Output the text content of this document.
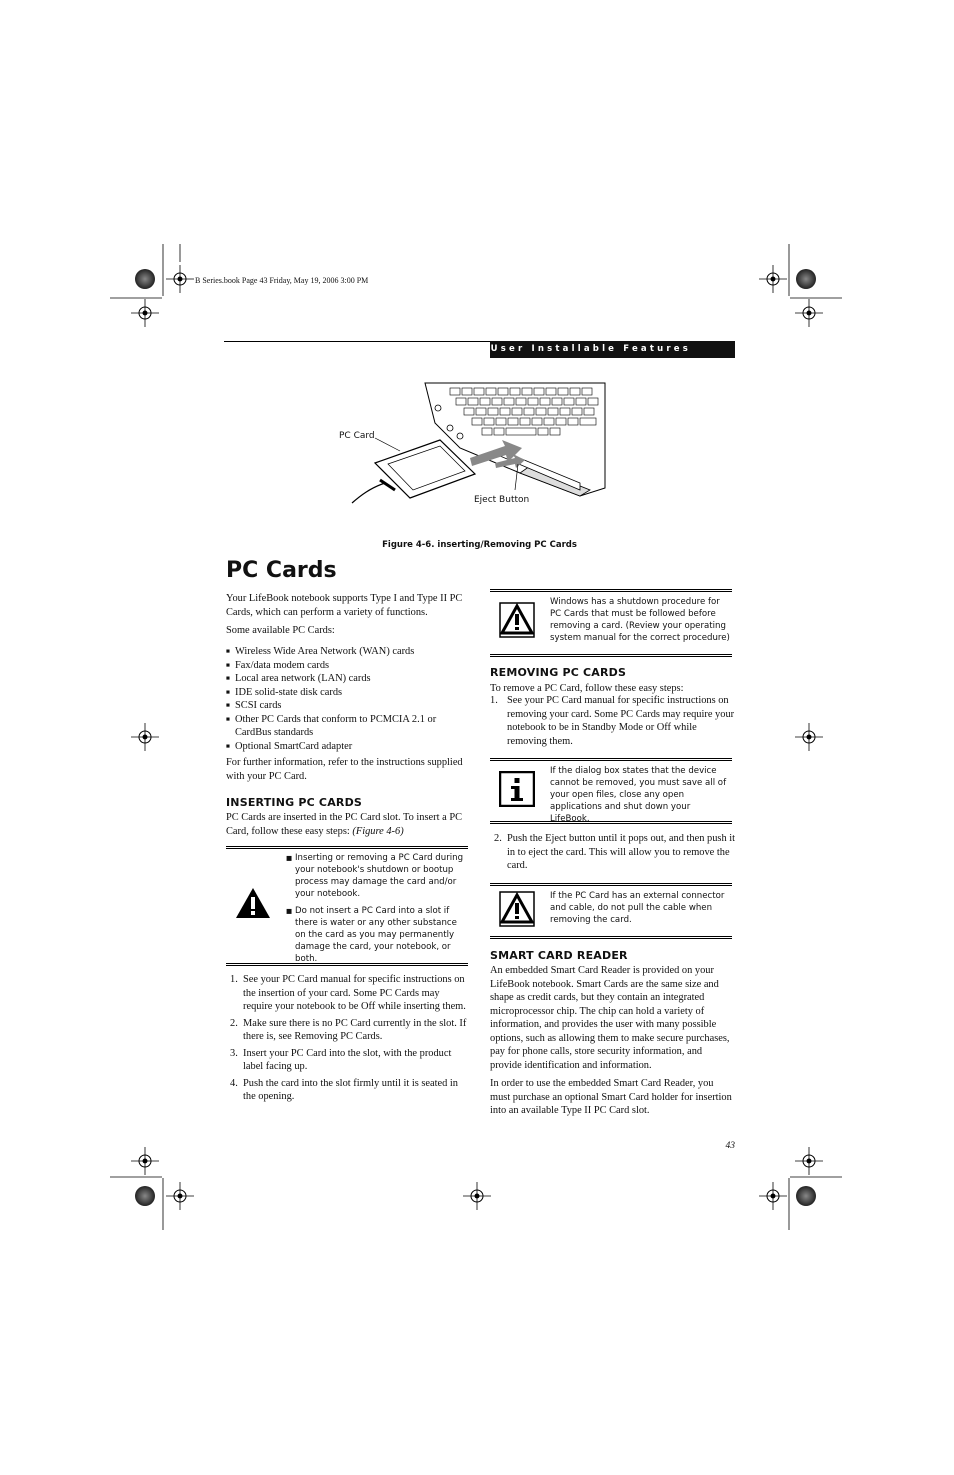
B Series.book Page 43 Friday, May 19, 2006 3:00 PM
User Installable Features
PC Card
Eject Button
Figure 4-6. inserting/Removing PC Cards
PC Cards
Your LifeBook notebook supports Type I and Type II PC Cards, which can perform a variety of functions.
Some available PC Cards:
■ Wireless Wide Area Network (WAN) cards
■ Fax/data modem cards
■ Local area network (LAN) cards
■ IDE solid-state disk cards
■ SCSI cards
■ Other PC Cards that conform to PCMCIA 2.1 or CardBus standards
■ Optional SmartCard adapter
For further information, refer to the instructions supplied with your PC Card.
INSERTING PC CARDS
PC Cards are inserted in the PC Card slot. To insert a PC Card, follow these easy steps: (Figure 4-6)
■ Inserting or removing a PC Card during your notebook's shutdown or bootup process may damage the card and/or your notebook.
■ Do not insert a PC Card into a slot if there is water or any other substance on the card as you may permanently damage the card, your notebook, or both.
1. See your PC Card manual for specific instructions on the insertion of your card. Some PC Cards may require your notebook to be Off while inserting them.
2. Make sure there is no PC Card currently in the slot. If there is, see Removing PC Cards.
3. Insert your PC Card into the slot, with the product label facing up.
4. Push the card into the slot firmly until it is seated in the opening.
Windows has a shutdown procedure for PC Cards that must be followed before removing a card. (Review your operating system manual for the correct procedure)
REMOVING PC CARDS
To remove a PC Card, follow these easy steps:
1. See your PC Card manual for specific instructions on removing your card. Some PC Cards may require your notebook to be in Standby Mode or Off while removing them.
If the dialog box states that the device cannot be removed, you must save all of your open files, close any open applications and shut down your LifeBook.
2. Push the Eject button until it pops out, and then push it in to eject the card. This will allow you to remove the card.
If the PC Card has an external connector and cable, do not pull the cable when removing the card.
SMART CARD READER
An embedded Smart Card Reader is provided on your LifeBook notebook. Smart Cards are the same size and shape as credit cards, but they contain an integrated microprocessor chip. The chip can hold a variety of information, and provides the user with many possible options, such as allowing them to make secure purchases, pay for phone calls, store security information, and provide identification and information.
In order to use the embedded Smart Card Reader, you must purchase an optional Smart Card holder for insertion into an available Type II PC Card slot.
43
